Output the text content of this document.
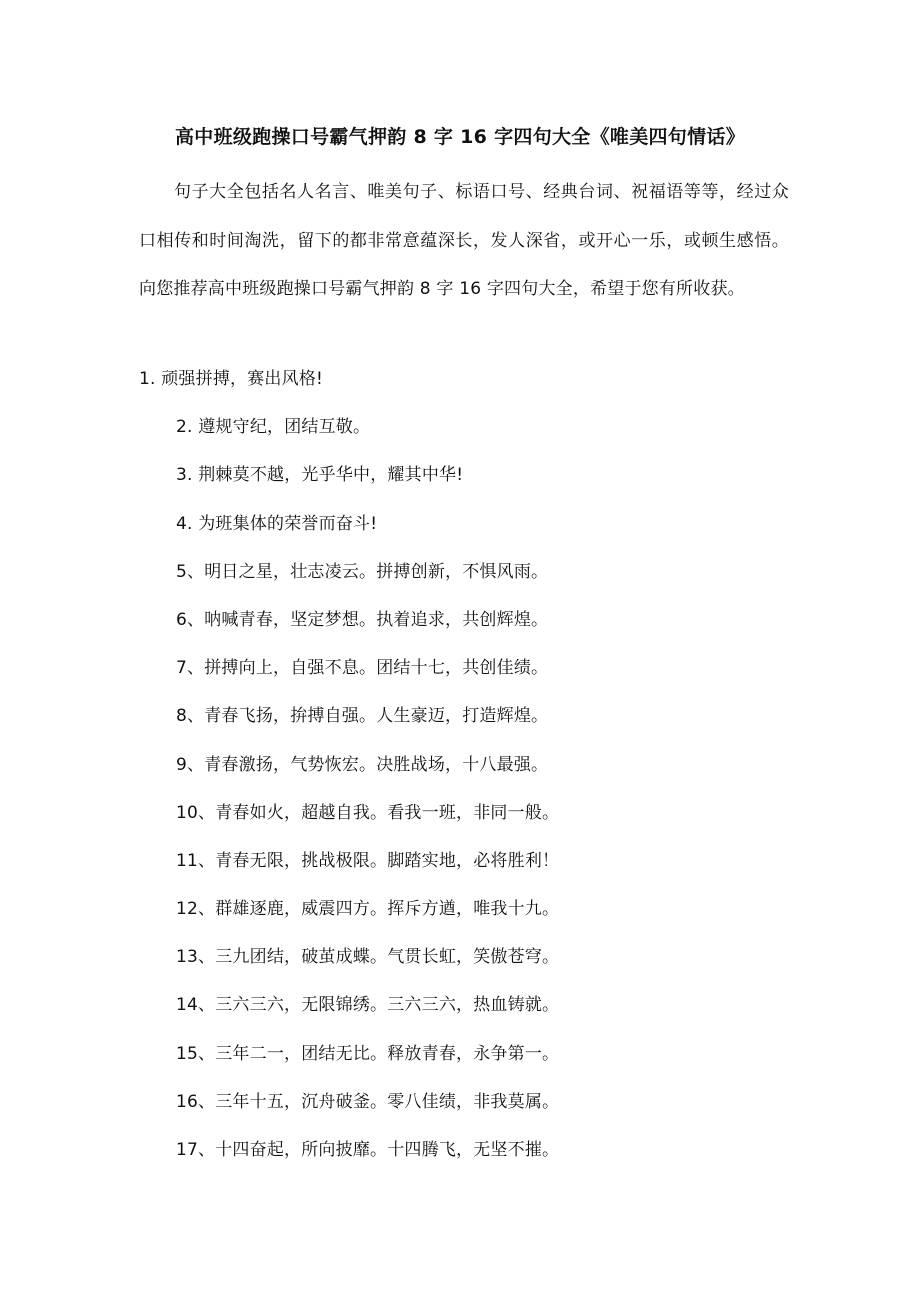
高中班级跑操口号霸气押韵 8 字 16 字四句大全《唯美四句情话》

句子大全包括名人名言、唯美句子、标语口号、经典台词、祝福语等等，经过众口相传和时间淘洗，留下的都非常意蕴深长，发人深省，或开心一乐，或顿生感悟。向您推荐高中班级跑操口号霸气押韵 8 字 16 字四句大全，希望于您有所收获。

1. 顽强拼搏，赛出风格!
2. 遵规守纪，团结互敬。
3. 荆棘莫不越，光乎华中，耀其中华!
4. 为班集体的荣誉而奋斗!
5、明日之星，壮志凌云。拼搏创新，不惧风雨。
6、呐喊青春，坚定梦想。执着追求，共创辉煌。
7、拼搏向上，自强不息。团结十七，共创佳绩。
8、青春飞扬，拚搏自强。人生豪迈，打造辉煌。
9、青春激扬，气势恢宏。决胜战场，十八最强。
10、青春如火，超越自我。看我一班，非同一般。
11、青春无限，挑战极限。脚踏实地，必将胜利！
12、群雄逐鹿，威震四方。挥斥方遒，唯我十九。
13、三九团结，破茧成蝶。气贯长虹，笑傲苍穹。
14、三六三六，无限锦绣。三六三六，热血铸就。
15、三年二一，团结无比。释放青春，永争第一。
16、三年十五，沉舟破釜。零八佳绩，非我莫属。
17、十四奋起，所向披靡。十四腾飞，无坚不摧。
